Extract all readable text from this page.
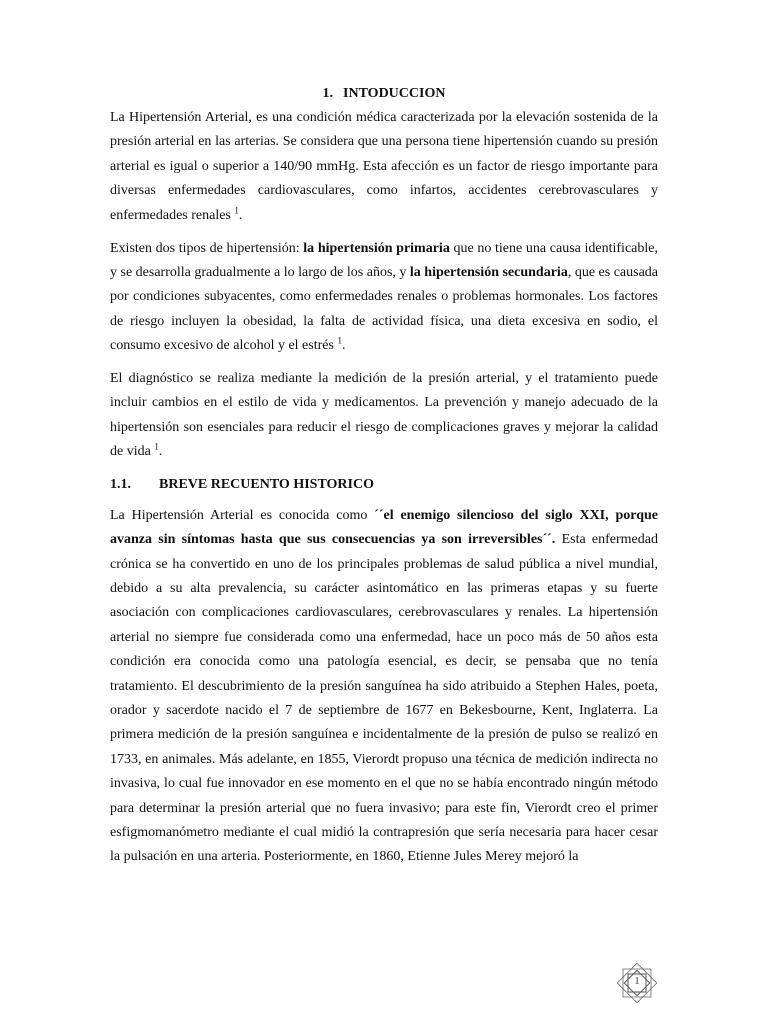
1. INTODUCCION

La Hipertensión Arterial, es una condición médica caracterizada por la elevación sostenida de la presión arterial en las arterias. Se considera que una persona tiene hipertensión cuando su presión arterial es igual o superior a 140/90 mmHg. Esta afección es un factor de riesgo importante para diversas enfermedades cardiovasculares, como infartos, accidentes cerebrovasculares y enfermedades renales $^1$.

Existen dos tipos de hipertensión: la hipertensión primaria que no tiene una causa identificable, y se desarrolla gradualmente a lo largo de los años, y la hipertensión secundaria, que es causada por condiciones subyacentes, como enfermedades renales o problemas hormonales. Los factores de riesgo incluyen la obesidad, la falta de actividad física, una dieta excesiva en sodio, el consumo excesivo de alcohol y el estrés $^1$.

El diagnóstico se realiza mediante la medición de la presión arterial, y el tratamiento puede incluir cambios en el estilo de vida y medicamentos. La prevención y manejo adecuado de la hipertensión son esenciales para reducir el riesgo de complicaciones graves y mejorar la calidad de vida $^1$.

1.1. BREVE RECUENTO HISTORICO

La Hipertensión Arterial es conocida como ´´el enemigo silencioso del siglo XXI, porque avanza sin síntomas hasta que sus consecuencias ya son irreversibles´´. Esta enfermedad crónica se ha convertido en uno de los principales problemas de salud pública a nivel mundial, debido a su alta prevalencia, su carácter asintomático en las primeras etapas y su fuerte asociación con complicaciones cardiovasculares, cerebrovasculares y renales. La hipertensión arterial no siempre fue considerada como una enfermedad, hace un poco más de 50 años esta condición era conocida como una patología esencial, es decir, se pensaba que no tenía tratamiento. El descubrimiento de la presión sanguínea ha sido atribuido a Stephen Hales, poeta, orador y sacerdote nacido el 7 de septiembre de 1677 en Bekesbourne, Kent, Inglaterra. La primera medición de la presión sanguínea e incidentalmente de la presión de pulso se realizó en 1733, en animales. Más adelante, en 1855, Vierordt propuso una técnica de medición indirecta no invasiva, lo cual fue innovador en ese momento en el que no se había encontrado ningún método para determinar la presión arterial que no fuera invasivo; para este fin, Vierordt creo el primer esfigmomanómetro mediante el cual midió la contrapresión que sería necesaria para hacer cesar la pulsación en una arteria. Posteriormente, en 1860, Etienne Jules Merey mejoró la

1
